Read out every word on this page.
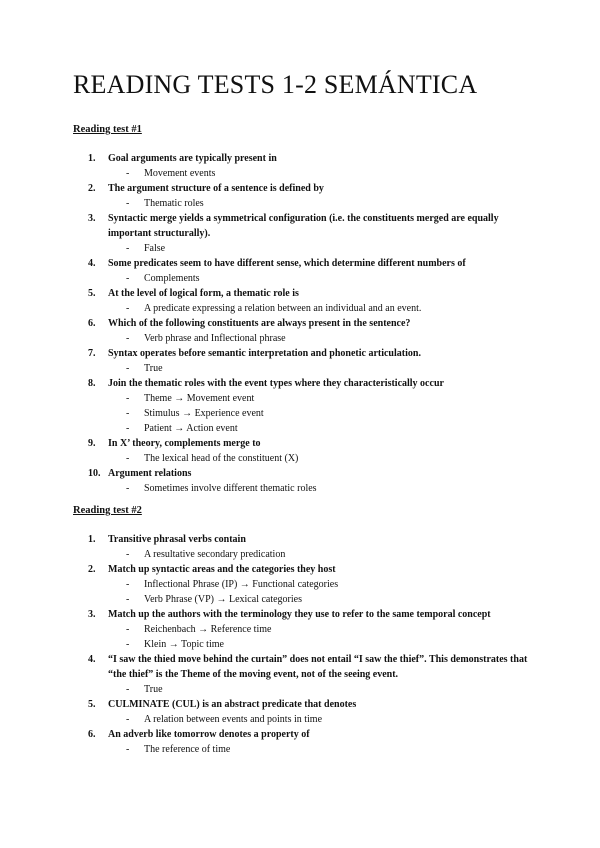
READING TESTS 1-2 SEMÁNTICA

Reading test #1

1. Goal arguments are typically present in
- Movement events
2. The argument structure of a sentence is defined by
- Thematic roles
3. Syntactic merge yields a symmetrical configuration (i.e. the constituents merged are equally important structurally).
- False
4. Some predicates seem to have different sense, which determine different numbers of
- Complements
5. At the level of logical form, a thematic role is
- A predicate expressing a relation between an individual and an event.
6. Which of the following constituents are always present in the sentence?
- Verb phrase and Inflectional phrase
7. Syntax operates before semantic interpretation and phonetic articulation.
- True
8. Join the thematic roles with the event types where they characteristically occur
- Theme → Movement event
- Stimulus → Experience event
- Patient → Action event
9. In X’ theory, complements merge to
- The lexical head of the constituent (X)
10. Argument relations
- Sometimes involve different thematic roles

Reading test #2

1. Transitive phrasal verbs contain
- A resultative secondary predication
2. Match up syntactic areas and the categories they host
- Inflectional Phrase (IP) → Functional categories
- Verb Phrase (VP) → Lexical categories
3. Match up the authors with the terminology they use to refer to the same temporal concept
- Reichenbach → Reference time
- Klein → Topic time
4. “I saw the thied move behind the curtain” does not entail “I saw the thief”. This demonstrates that “the thief” is the Theme of the moving event, not of the seeing event.
- True
5. CULMINATE (CUL) is an abstract predicate that denotes
- A relation between events and points in time
6. An adverb like tomorrow denotes a property of
- The reference of time
